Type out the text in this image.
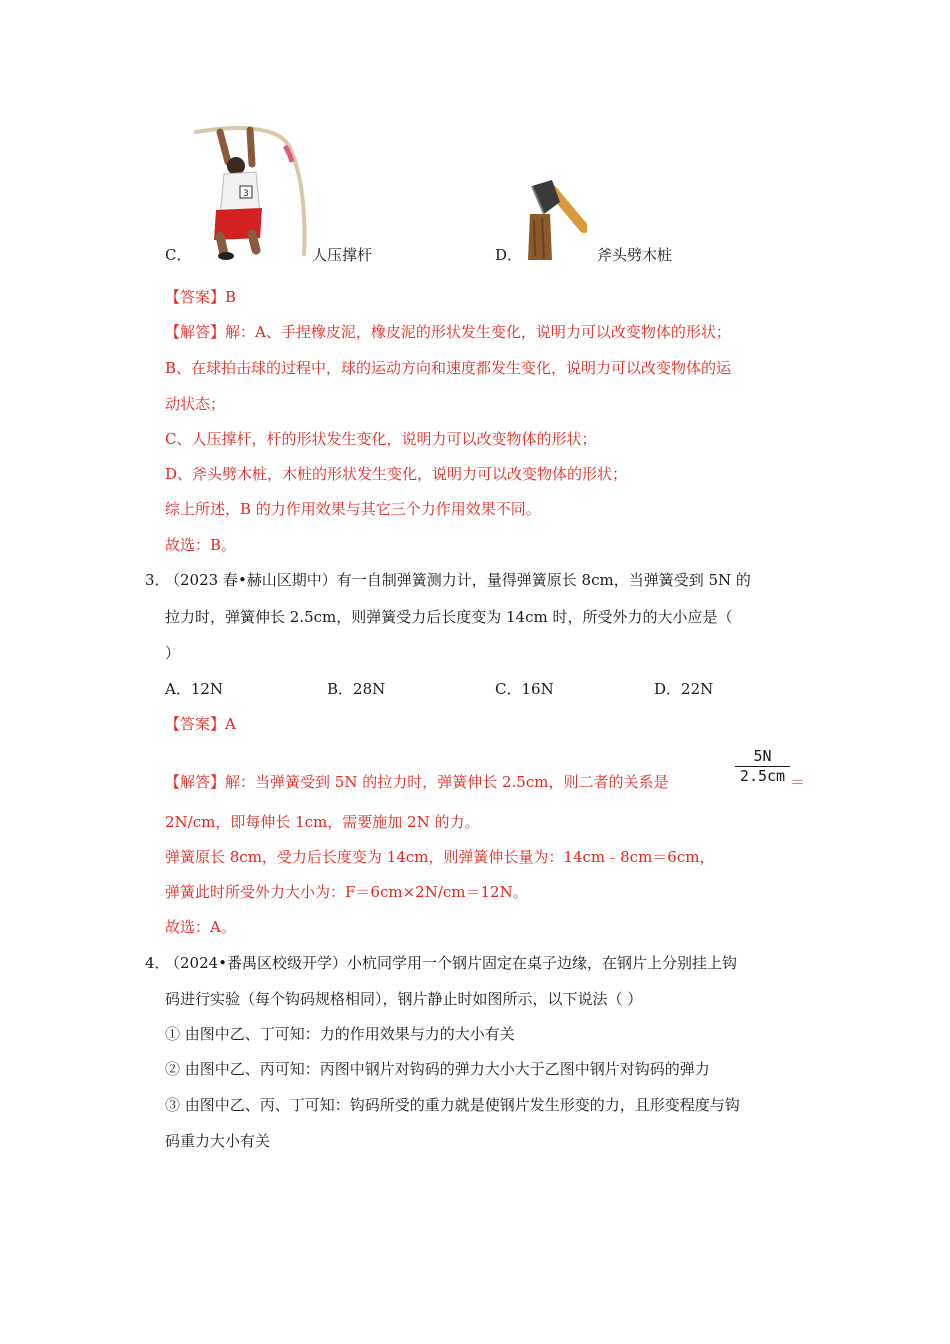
3
C．	人压撑杆	D．	斧头劈木桩
【答案】B
【解答】解：A、手捏橡皮泥，橡皮泥的形状发生变化，说明力可以改变物体的形状；
B、在球拍击球的过程中，球的运动方向和速度都发生变化，说明力可以改变物体的运
动状态；
C、人压撑杆，杆的形状发生变化，说明力可以改变物体的形状；
D、斧头劈木桩，木桩的形状发生变化，说明力可以改变物体的形状；
综上所述，B 的力作用效果与其它三个力作用效果不同。
故选：B。
3．
（2023 春•赫山区期中）有一自制弹簧测力计，量得弹簧原长 8cm，当弹簧受到 5N 的
拉力时，弹簧伸长 2.5cm，则弹簧受力后长度变为 14cm 时，所受外力的大小应是（
）
A．12N	B．28N	C．16N	D．22N
【答案】A
【解答】解：当弹簧受到 5N 的拉力时，弹簧伸长 2.5cm，则二者的关系是	$\frac{5N}{2.5cm}$ ＝
2N/cm，即每伸长 1cm，需要施加 2N 的力。
弹簧原长 8cm，受力后长度变为 14cm，则弹簧伸长量为：14cm﹣8cm＝6cm，
弹簧此时所受外力大小为：F＝6cm×2N/cm＝12N。
故选：A。
4．
（2024•番禺区校级开学）小杭同学用一个钢片固定在桌子边缘，在钢片上分别挂上钩
码进行实验（每个钩码规格相同），钢片静止时如图所示，以下说法（ ）
① 由图中乙、丁可知：力的作用效果与力的大小有关
② 由图中乙、丙可知：丙图中钢片对钩码的弹力大小大于乙图中钢片对钩码的弹力
③ 由图中乙、丙、丁可知：钩码所受的重力就是使钢片发生形变的力，且形变程度与钩
码重力大小有关
